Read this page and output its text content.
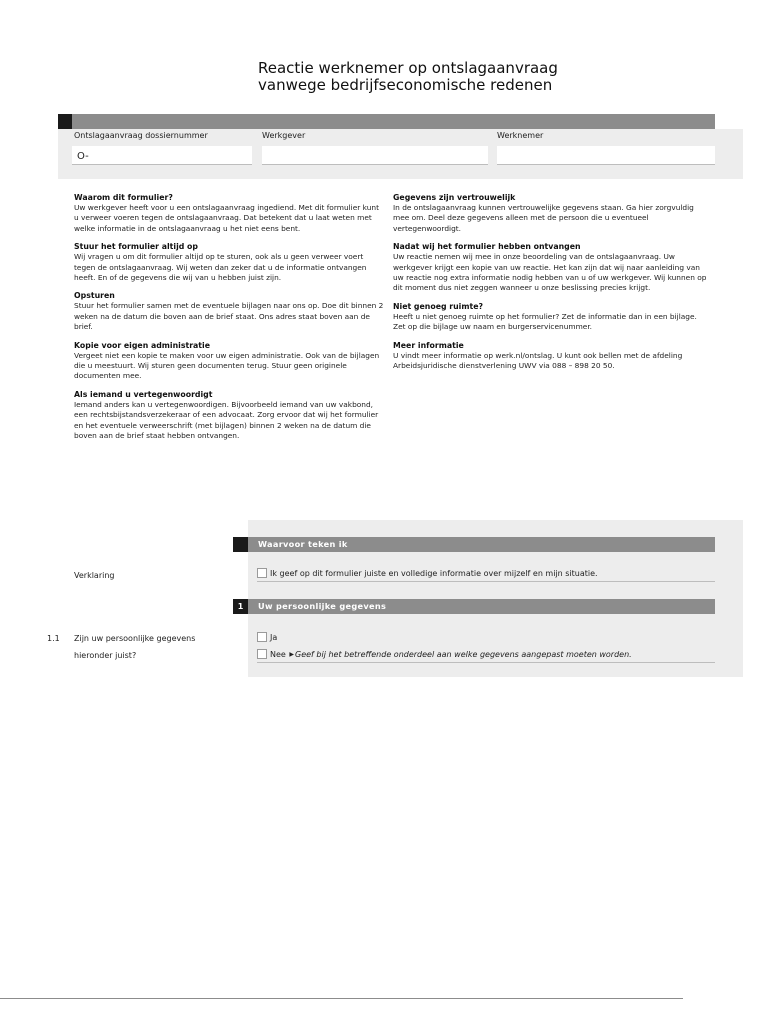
Reactie werknemer op ontslagaanvraag
vanwege bedrijfseconomische redenen
Ontslagaanvraag dossiernummer
O-
Werkgever	Werknemer
Waarom dit formulier?

Uw werkgever heeft voor u een ontslagaanvraag ingediend. Met dit formulier kunt u verweer voeren tegen de ontslagaanvraag. Dat betekent dat u laat weten met welke informatie in de ontslagaanvraag u het niet eens bent.

Stuur het formulier altijd op

Wij vragen u om dit formulier altijd op te sturen, ook als u geen verweer voert tegen de ontslagaanvraag. Wij weten dan zeker dat u de informatie ontvangen heeft. En of de gegevens die wij van u hebben juist zijn.

Opsturen

Stuur het formulier samen met de eventuele bijlagen naar ons op. Doe dit binnen 2 weken na de datum die boven aan de brief staat. Ons adres staat boven aan de brief.

Kopie voor eigen administratie

Vergeet niet een kopie te maken voor uw eigen administratie. Ook van de bijlagen die u meestuurt. Wij sturen geen documenten terug. Stuur geen originele documenten mee.

Als iemand u vertegenwoordigt

Iemand anders kan u vertegenwoordigen. Bijvoorbeeld iemand van uw vakbond, een rechtsbijstandsverzekeraar of een advocaat. Zorg ervoor dat wij het formulier en het eventuele verweerschrift (met bijlagen) binnen 2 weken na de datum die boven aan de brief staat hebben ontvangen.

Gegevens zijn vertrouwelijk

In de ontslagaanvraag kunnen vertrouwelijke gegevens staan. Ga hier zorgvuldig mee om. Deel deze gegevens alleen met de persoon die u eventueel vertegenwoordigt.

Nadat wij het formulier hebben ontvangen

Uw reactie nemen wij mee in onze beoordeling van de ontslagaanvraag. Uw werkgever krijgt een kopie van uw reactie. Het kan zijn dat wij naar aanleiding van uw reactie nog extra informatie nodig hebben van u of uw werkgever. Wij kunnen op dit moment dus niet zeggen wanneer u onze beslissing precies krijgt.

Niet genoeg ruimte?

Heeft u niet genoeg ruimte op het formulier? Zet de informatie dan in een bijlage. Zet op die bijlage uw naam en burgerservicenummer.

Meer informatie

U vindt meer informatie op werk.nl/ontslag. U kunt ook bellen met de afdeling Arbeidsjuridische dienstverlening UWV via 088 – 898 20 50.

Waarvoor teken ik
Verklaring	Ik geef op dit formulier juiste en volledige informatie over mijzelf en mijn situatie.
1	Uw persoonlijke gegevens
1.1 Zijn uw persoonlijke gegevens
hieronder juist?
Ja
Nee ▶Geef bij het betreffende onderdeel aan welke gegevens aangepast moeten worden.
